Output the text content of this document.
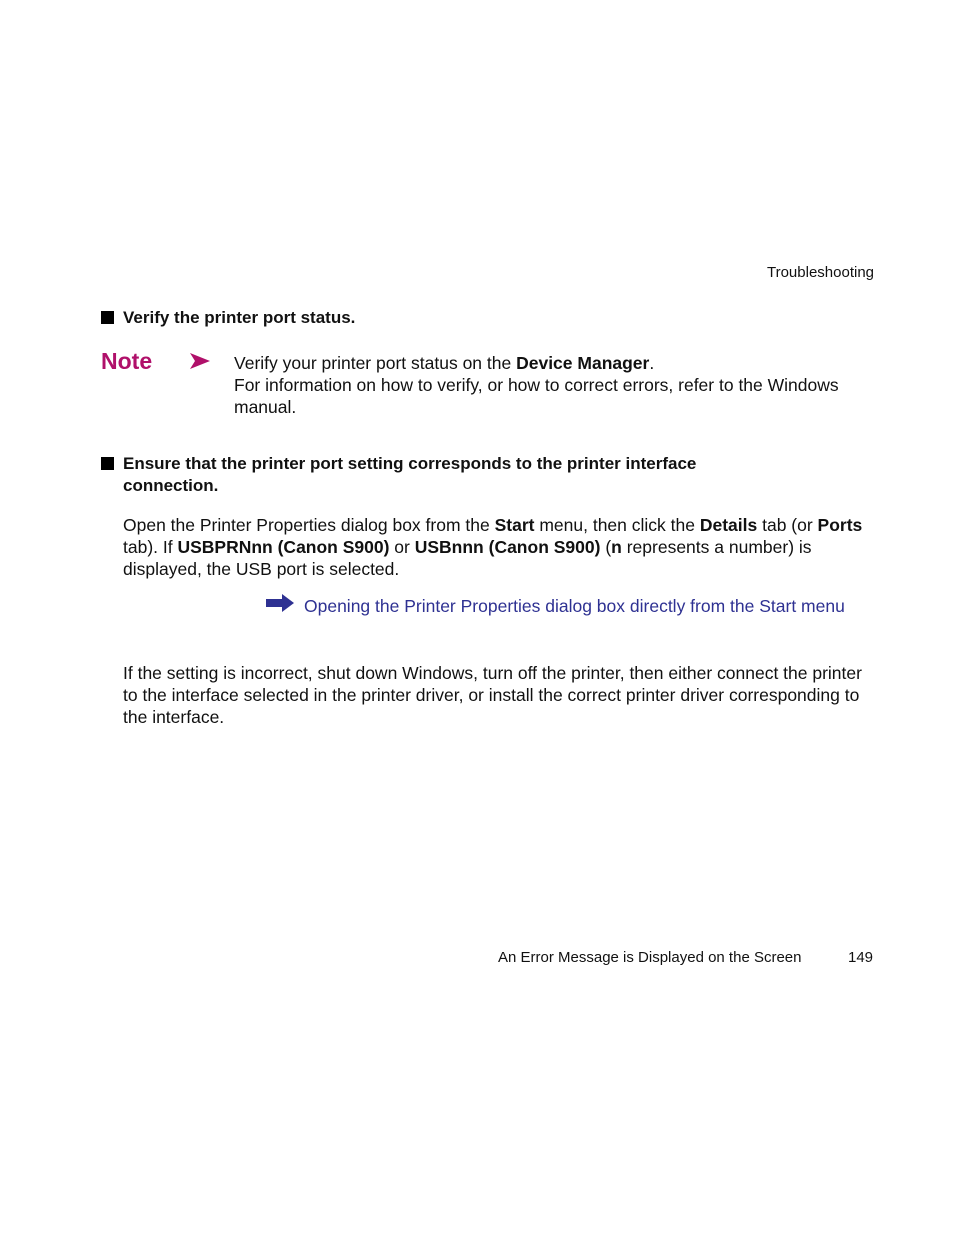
Troubleshooting
Verify the printer port status.
Note	Verify your printer port status on the Device Manager.
For information on how to verify, or how to correct errors, refer to the Windows manual.
Ensure that the printer port setting corresponds to the printer interface connection.
Open the Printer Properties dialog box from the Start menu, then click the Details tab (or Ports tab). If USBPRNnn (Canon S900) or USBnnn (Canon S900) (n represents a number) is displayed, the USB port is selected.
Opening the Printer Properties dialog box directly from the Start menu
If the setting is incorrect, shut down Windows, turn off the printer, then either connect the printer to the interface selected in the printer driver, or install the correct printer driver corresponding to the interface.
An Error Message is Displayed on the Screen	149
